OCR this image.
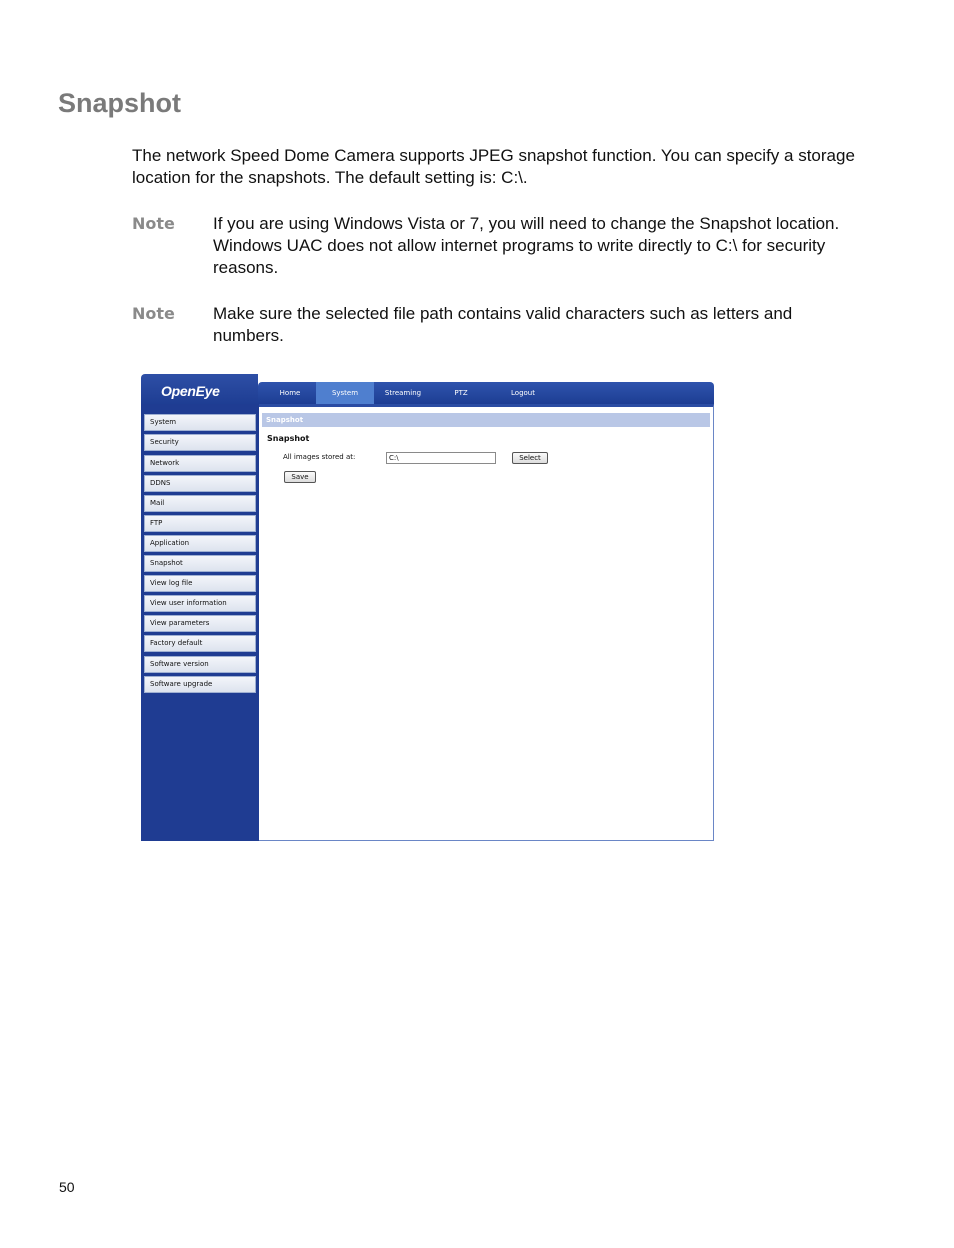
Snapshot

The network Speed Dome Camera supports JPEG snapshot function. You can specify a storage location for the snapshots. The default setting is: C:\.

Note If you are using Windows Vista or 7, you will need to change the Snapshot location. Windows UAC does not allow internet programs to write directly to C:\ for security reasons.

Note Make sure the selected file path contains valid characters such as letters and numbers.

OpenEye	Home	System	Streaming	PTZ	Logout
System
Security
Network
DDNS
Mail
FTP
Application
Snapshot
View log file
View user information
View parameters
Factory default
Software version
Software upgrade
Snapshot
Snapshot
All images stored at:	C:\	Select
Save
50
